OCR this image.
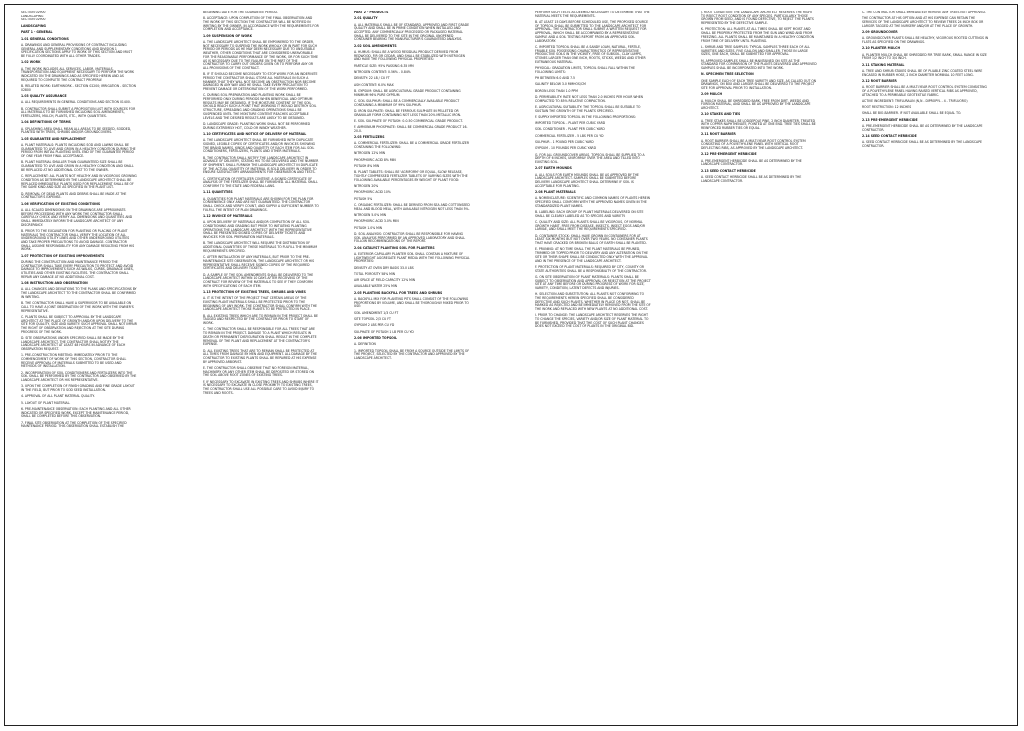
SECTION 02900
LANDSCAPING
SECTION 02900
LANDSCAPING
PART 1 - GENERAL
1.01 GENERAL CONDITIONS
A. DRAWINGS AND GENERAL PROVISIONS OF CONTRACT INCLUDING GENERAL AND SUPPLEMENTARY CONDITIONS AND DIVISION 1 SPECIFICATION SECTIONS APPLY TO WORK OF THIS SECTION AND MUST BE FULLY COORDINATED WITH ALL OTHER TRADES.
1.02 WORK
A. THE WORK INCLUDES ALL SERVICES, LABOR, MATERIALS, TRANSPORTATION AND EQUIPMENT NECESSARY TO PERFORM THE WORK INDICATED ON THE DRAWINGS AND AS SPECIFIED HEREIN AND AS REQUIRED TO COMPLETE THE CONTRACT PROPERLY.
B. RELATED WORK: EARTHWORK - SECTION 02200; IRRIGATION - SECTION 02800
1.03 QUALITY ASSURANCE
A. ALL REQUIREMENTS IN GENERAL CONDITIONS AND SECTION 01400.
B. CONTRACTOR SHALL SUBMIT A PROPOSITION LIST WITH SOURCES FOR ALL MATERIALS TO BE FURNISHED INCLUDING SOIL AMENDMENTS, FERTILIZERS, MULCH, PLANTS, ETC., WITH QUANTITIES.
1.04 DEFINITIONS OF TERMS
A. SPLASHING AREA SHALL MEAN ALL AREAS TO BE SEEDED, SODDED, PLANTED WITH TREES, SHRUBS AND/OR GROUNDCOVERS.
1.05 GUARANTEE AND REPLACEMENT
A. PLANT MATERIALS: PLANTS INCLUDING SOD AND LAWNS SHALL BE GUARANTEED TO LIVE AND GROW IN A HEALTHY CONDITION DURING THE PERIOD FROM INITIAL PLANTING UNTIL END OF THE GUARANTEE PERIOD OF ONE YEAR FROM FINAL ACCEPTANCE.
B. PLANT MATERIAL SMALLER THAN GUARANTEED SIZE SHALL BE GUARANTEED TO LIVE AND GROW IN A HEALTHY CONDITION AND SHALL BE REPLACED AT NO ADDITIONAL COST TO THE OWNER.
C. REPLACEMENT: ALL PLANTS NOT HEALTHY AND IN VIGOROUS GROWING CONDITION AS DETERMINED BY THE LANDSCAPE ARCHITECT SHALL BE REPLACED IMMEDIATELY. PLANTS USED FOR REPLACEMENT SHALL BE OF THE SAME KIND AND SIZE AS SPECIFIED IN THE PLANT LIST.
D. REMOVAL OF DEAD PLANTS AND DEBRIS SHALL BE MADE AT THE CONTRACTOR'S EXPENSE.
1.06 VERIFICATION OF EXISTING CONDITIONS
A. ALL SCALED DIMENSIONS ON THE DRAWINGS ARE APPROXIMATE. BEFORE PROCEEDING WITH ANY WORK THE CONTRACTOR SHALL CAREFULLY CHECK AND VERIFY ALL DIMENSIONS AND QUANTITIES AND SHALL IMMEDIATELY INFORM THE LANDSCAPE ARCHITECT OF ANY DISCREPANCY.
B. PRIOR TO THE EXCAVATION FOR PLANTING OR PLACING OF PLANT MATERIALS THE CONTRACTOR SHALL VERIFY THE LOCATION OF ALL UNDERGROUND UTILITY LINES AND OTHER UNDERGROUND UTILITIES AND TAKE PROPER PRECAUTIONS TO AVOID DAMAGE. CONTRACTOR SHALL ASSUME RESPONSIBILITY FOR ANY DAMAGE RESULTING FROM HIS WORK.
1.07 PROTECTION OF EXISTING IMPROVEMENTS
DURING THE CONSTRUCTION AND MAINTENANCE PERIOD THE CONTRACTOR SHALL TAKE EVERY PRECAUTION TO PROTECT AND AVOID DAMAGE TO IMPROVEMENTS SUCH AS WALKS, CURBS, DRAINAGE LINES, UTILITIES AND OTHER EXISTING FACILITIES. THE CONTRACTOR SHALL REPAIR ANY DAMAGE AT NO ADDITIONAL COST.
1.08 INSTRUCTION AND OBSERVATION
A. ALL CHANGES AND DEVIATIONS TO THE PLANS AND SPECIFICATIONS BY THE LANDSCAPE ARCHITECT TO THE CONTRACTOR SHALL BE CONFIRMED IN WRITING.
B. THE CONTRACTOR SHALL HAVE A SUPERVISOR TO BE AVAILABLE ON CALL TO HAVE A JOINT OBSERVATION OF THE WORK WITH THE OWNER'S REPRESENTATIVE.
C. PLANTS SHALL BE SUBJECT TO APPROVAL BY THE LANDSCAPE ARCHITECT AT THE PLACE OF GROWTH AND/OR UPON DELIVERY TO THE SITE FOR QUALITY, SIZE AND VARIETY. SUCH APPROVAL SHALL NOT IMPAIR THE RIGHT OF OBSERVATION AND REJECTION AT THE SITE DURING PROGRESS OF THE WORK.
D. SITE OBSERVATIONS UNDER SPECIFIED SHALL BE MADE BY THE LANDSCAPE ARCHITECT. THE CONTRACTOR SHALL NOTIFY THE LANDSCAPE ARCHITECT AT LEAST 48 HOURS IN ADVANCE OF EACH OBSERVATION REQUEST.
1. PRE-CONSTRUCTION MEETING: IMMEDIATELY PRIOR TO THE COMMENCEMENT OF WORK OF THIS SECTION, CONTRACTOR SHALL RECEIVE APPROVAL OF MATERIALS SUBMITTED TO BE USED AND METHODS OF INSTALLATION.
2. INCORPORATION OF SOIL CONDITIONERS AND FERTILIZERS INTO THE SOIL SHALL BE PERFORMED BY THE CONTRACTOR AND OBSERVED BY THE LANDSCAPE ARCHITECT OR HIS REPRESENTATIVE.
3. UPON THE COMPLETION OF FINISH GRADING AND FINE GRADE LAYOUT IN THE FIELD, BUT PRIOR TO SOD SEED INSTALLATION.
4. APPROVAL OF ALL PLANT MATERIAL QUALITY.
5. LAYOUT OF PLANT MATERIAL.
6. PRE-MAINTENANCE OBSERVATION: EACH PLANTING AND ALL OTHER INDICATED OR SPECIFIED WORK, EXCEPT THE MAINTENANCE PERIOD, SHALL BE COMPLETED BEFORE THIS OBSERVATION.
7. FINAL SITE OBSERVATION AT THE COMPLETION OF THE SPECIFIED MAINTENANCE PERIOD. THIS OBSERVATION SHALL ESTABLISH THE
BEGINNING DATE FOR THE GUARANTEE PERIOD.
8. ACCEPTANCE: UPON COMPLETION OF THE FINAL OBSERVATION AND THE WORK OF THIS SECTION THE CONTRACTOR WILL BE NOTIFIED IN WRITING BY THE OWNER, IN ACCORDANCE WITH THE REQUIREMENTS FOR COMPLETION AND ACCEPTANCE.
1.09 SUSPENSION OF WORK
A. THE LANDSCAPE ARCHITECT SHALL BE EMPOWERED TO THE ORDER, NOT NECESSARY TO SUSPEND THE WORK WHOLLY OR IN PART FOR SUCH PERIOD OR PERIODS AS HE MAY DEEM NECESSARY DUE TO UNSUITABLE WEATHER, OTHER CONDITIONS THAT ARE CONSIDERED UNFAVORABLE FOR THE REASONABLE PERFORMANCE OF THE WORK, OR FOR SUCH TIME AS IS NECESSARY DUE TO THE FAILURE ON THE PART OF THE CONTRACTOR TO CARRY OUT ORDERS GIVEN OR TO PERFORM ANY OR ALL PROVISIONS OF THE CONTRACT.
B. IF IT SHOULD BECOME NECESSARY TO STOP WORK FOR AN INDEFINITE PERIOD THE CONTRACTOR SHALL STORE ALL MATERIALS IN SUCH A MANNER THAT THEY WILL NOT BECOME AN OBSTRUCTION NOR BECOME DAMAGED IN ANY WAY AND HE SHALL TAKE EVERY PRECAUTION TO PREVENT DAMAGE OR DETERIORATION OF THE WORK PERFORMED.
C. DURING SOIL PREPARATION AND PLANTING WORK SHALL BE PERFORMED ONLY DURING PERIODS WHEN BENEFICIAL AND OPTIMUM RESULTS MAY BE OBTAINED. IF THE MOISTURE CONTENT OF THE SOIL SHOULD REACH SUCH A POINT THAT WORKING IT WOULD DESTROY SOIL STRUCTURE, SPREADING AND GRADING OPERATIONS SHALL BE SUSPENDED UNTIL THE MOISTURE CONTENT REACHES ACCEPTABLE LEVELS AND THE DESIRED RESULTS ARE LIKELY TO BE OBTAINED.
D. LANDSCAPE GRADE: PLANTING WORK SHALL NOT BE PERFORMED DURING EXTREMELY HOT, COLD OR WINDY WEATHER.
1.10 CERTIFICATES AND NOTICE OF DELIVERY OF MATERIAL
A. THE LANDSCAPE ARCHITECT SHALL BE FURNISHED WITH DUPLICATE SIGNED, LEGIBLE COPIES OF CERTIFICATES AND/OR INVOICES SHOWING THE BRAND NAMES, KINDS AND QUANTITY OF EACH ITEM FOR ALL SOIL CONDITIONERS, FERTILIZERS, PLANTS AND OTHER MATERIALS.
B. THE CONTRACTOR SHALL NOTIFY THE LANDSCAPE ARCHITECT IN ADVANCE OF DELIVERY, STATING HIS TO BE DELIVERED AND THE NUMBER OF SHIPMENT. SHALL FURNISH THE LANDSCAPE ARCHITECT IN DUPLICATE OF THE ACTUAL QUANTITY OF MATERIAL IS SOLD DELIVERY IN ORDER TO ENSURE SATISFACTORY ARRANGEMENTS FOR OBSERVATION AND TESTS.
C. CERTIFICATION OF FERTILIZER CONTENT: A SIGNED CERTIFICATE OF ANALYSIS OF THE FERTILIZER SHALL BE FURNISHED. ALL MATERIAL SHALL CONFORM TO THE STATE AND FEDERAL LAWS.
1.11 QUANTITIES
A. QUANTITIES FOR PLANT MATERIALS ARE SHOWN FOR THE PLAN FOR CONVENIENCE ONLY AND ARE NOT GUARANTEED. THE CONTRACTOR SHALL CHECK AND VERIFY COUNT, AND SUPPLY A SUFFICIENT NUMBER TO FULFILL THE INTENT OF PLAN DRAWINGS.
1.12 INVOICE OF MATERIALS
A. UPON DELIVERY OF MATERIALS AND/OR COMPLETION OF ALL SOIL CONDITIONING AND GRADING BUT PRIOR TO INITIATING PLANTING OPERATIONS THE LANDSCAPE ARCHITECT WITH THE REPRESENTATIVE SHALL BE PRESENTED SIGNED COPIES OF DELIVERY TICKETS AND INVOICES FOR SOIL PREPARATION MATERIALS.
B. THE LANDSCAPE ARCHITECT WILL REQUIRE THE DISTRIBUTION OF ADDITIONAL QUANTITIES OF THESE MATERIALS TO FULFILL THE MINIMUM REQUIREMENTS SPECIFIED.
C. AFTER INSTALLATION OF ANY MATERIALS, BUT PRIOR TO THE PRE-MAINTENANCE SITE OBSERVATION, THE LANDSCAPE ARCHITECT OR HIS REPRESENTATIVE SHALL RECEIVE SIGNED COPIES OF THE REQUIRED CERTIFICATES AND DELIVERY TICKETS.
D. A SAMPLE OF THE SOIL AMENDMENTS SHALL BE DELIVERED TO THE LANDSCAPE ARCHITECT WITHIN 10 DAYS AFTER RECEIVING OF THE CONTRACT FOR REVIEW OF THE MATERIALS TO SEE IF THEY CONFORM WITH SPECIFICATIONS OF EACH ITEM.
1.13 PROTECTION OF EXISTING TREES, SHRUBS AND VINES
A. IT IS THE INTENT OF THE PROJECT THAT CERTAIN AREAS OF THE EXISTING PLANT MATERIALS SHALL BE PROTECTED PRIOR TO THE BEGINNING OF ANY WORK. THE CONTRACTOR SHALL CONFIRM WITH THE LANDSCAPE ARCHITECT THOSE PLANTS TO BE PROTECTED IN PLACE.
B. ALL EXISTING TREES WHICH ARE TO REMAIN IN THE PROJECT SHALL BE TAGGED AND RESPECTED BY THE CONTRACTOR PRIOR TO START OF WORK.
C. THE CONTRACTOR SHALL BE RESPONSIBLE FOR ALL TREES THAT ARE TO REMAIN IN THE PROJECT. DAMAGE TO A PLANT WHICH RESULTS IN DEATH OR PERMANENT DISFIGURATION SHALL RESULT IN THE COMPLETE REMOVAL OF THE PLANT AND REPLACEMENT AT THE CONTRACTOR'S EXPENSE.
D. ALL EXISTING TREES THAT ARE TO REMAIN SHALL BE PROTECTED AT ALL TIMES FROM DAMAGE BY MEN AND EQUIPMENT. ALL DAMAGE BY THE CONTRACTOR TO EXISTING PLANTS SHALL BE REPAIRED AT HIS EXPENSE BY APPROVED ARBORIST.
E. THE CONTRACTOR SHALL OBSERVE THAT NO FOREIGN MATERIAL, MACHINERY OR ANY OTHER ITEM SHALL BE DEPOSITED OR STORED ON THE SOIL ABOVE ROOT ZONES OF EXISTING TREES.
F. IF NECESSARY TO EXCAVATE IN EXISTING TREES AND SHRUBS WHERE IT IS NECESSARY TO EXCAVATE IN CLOSE PROXIMITY TO EXISTING TREES, THE CONTRACTOR SHALL USE ALL POSSIBLE CARE TO AVOID INJURY TO TREES AND ROOTS.
PART 2 - PRODUCTS
2.01 QUALITY
A. ALL MATERIALS SHALL BE OF STANDARD, APPROVED AND FIRST GRADE QUALITY AND SHALL BE IN PRIME CONDITION WHEN INSTALLED AND ACCEPTED. ANY COMMERCIALLY PROCESSED OR PACKAGED MATERIAL SHALL BE DELIVERED TO THE SITE IN THE ORIGINAL UNOPENED CONTAINER BEARING THE MANUFACTURER'S GUARANTEED ANALYSIS.
2.02 SOIL AMENDMENTS
A. HUMUS: SHALL BE A WOOD RESIDUAL PRODUCT DERIVED FROM REDWOOD, FIR OR CEDAR, AND SHALL BE STABILIZED WITH NITROGEN AND HAVE THE FOLLOWING PHYSICAL PROPERTIES:
PARTICLE SIZE: 95% PASSING 6.35 MM
NITROGEN CONTENT: 0.56% - 0.84%
DENSITY: 22 LB / CU FT
ASH CONTENT: 6.0% MAX
B. GYPSUM: SHALL BE AGRICULTURAL GRADE PRODUCT CONTAINING MINIMUM 96% PURE GYPSUM.
C. SOIL SULPHUR: SHALL BE A COMMERCIALLY AVAILABLE PRODUCT CONTAINING A MINIMUM OF 99% SULPHUR.
D. IRON SULPHATE: SHALL BE FERROUS SULPHATE IN PELLETED OR GRANULAR FORM CONTAINING NOT LESS THAN 20% METALLIC IRON.
E. SOIL SULPHATE OF POTASH: 0-0-50 COMMERCIAL GRADE PRODUCT.
F. AMMONIUM PHOSPHATE: SHALL BE COMMERCIAL GRADE PRODUCT 16-20-0.
2.03 FERTILIZERS
A. COMMERCIAL FERTILIZER: SHALL BE A COMMERCIAL GRADE FERTILIZER CONTAINING THE FOLLOWING:
NITROGEN 12% MIN
PHOSPHORIC ACID 8% MIN
POTASH 8% MIN
B. PLANT TABLETS: SHALL BE 'AGRIFORM' OR EQUAL, SLOW RELEASE, TIGHTLY COMPRESSED FERTILIZER TABLETS OF VARYING SIZES WITH THE FOLLOWING AVAILABLE PERCENTAGES BY WEIGHT OF PLANT FOOD:
NITROGEN 20%
PHOSPHORIC ACID 10%
POTASH 5%
C. ORGANIC FERTILIZER: SHALL BE DERIVED FROM SEA AND COTTONSEED MEAL AND BLOOD MEAL, WITH AVAILABLE NITROGEN NOT LESS THAN 5%.
NITROGEN 5.0% MIN
PHOSPHORIC ACID 3.0% MIN
POTASH 1.0% MIN
D. SOIL ANALYSIS: CONTRACTOR SHALL BE RESPONSIBLE FOR HAVING SOIL ANALYSIS PERFORMED BY AN APPROVED LABORATORY AND SHALL FOLLOW RECOMMENDATIONS OF THE REPORT.
2.04 CATALYST PLANTING SOIL FOR PLANTERS
A. EXTERIOR CAPILLARY PLANTER SOIL SHALL CONTAIN A MIXTURE OF LIGHTWEIGHT AGGREGATE PLANT MEDIA WITH THE FOLLOWING PHYSICAL PROPERTIES:
DENSITY AT OVEN DRY BASIS 33.0 LBS
TOTAL POROSITY 58% MIN
AIR SPACE AT FIELD CAPACITY 12% MIN
AVAILABLE WATER 25% MIN
2.05 PLANTING BACKFILL FOR TREES AND SHRUBS
A. BACKFILL MIX FOR PLANTING PITS SHALL CONSIST OF THE FOLLOWING PROPORTIONS BY VOLUME, AND SHALL BE THOROUGHLY MIXED PRIOR TO USE:
SOIL AMENDMENT 1/3 CU FT
SITE TOPSOIL 2/3 CU FT
GYPSUM 2 LBS PER CU YD
SULPHATE OF POTASH 1 LB PER CU YD
2.06 IMPORTED TOPSOIL
A. DEFINITION
1. IMPORTED TOPSOIL SHALL BE FROM A SOURCE OUTSIDE THE LIMITS OF THE PROJECT, SELECTED BY THE CONTRACTOR AND APPROVED BY THE LANDSCAPE ARCHITECT.
PERFORM SUCH TESTS AS DEEMED NECESSARY TO DETERMINE THAT THE MATERIAL MEETS THE REQUIREMENTS.
B. AT LEAST 15 DAYS BEFORE SCHEDULED USE, THE PROPOSED SOURCE OF TOPSOIL SHALL BE SUBMITTED TO THE LANDSCAPE ARCHITECT FOR APPROVAL. THE CONTRACTOR SHALL SUBMIT A WRITTEN REQUEST FOR APPROVAL, WHICH SHALL BE ACCOMPANIED BY A REPRESENTATIVE SAMPLE AND A SOIL TESTING REPORT FROM AN APPROVED SOIL LABORATORY.
C. IMPORTED TOPSOIL SHALL BE A SANDY LOAM, NATURAL, FERTILE, FRIABLE SOIL POSSESSING CHARACTERISTICS OF REPRESENTATIVE PRODUCTIVE SOILS IN THE VICINITY, FREE OF SUBSOIL, CLAY LUMPS, STONES LARGER THAN ONE INCH, ROOTS, STICKS, WEEDS AND OTHER EXTRANEOUS MATERIAL.
PHYSICAL: GRADATION LIMITS, TOPSOIL SHALL FALL WITHIN THE FOLLOWING LIMITS:
PH BETWEEN 6.0 AND 7.5
SALINITY BELOW 3.0 MMHOS/CM
BORON LESS THAN 1.0 PPM
D. PERMEABILITY: RATE NOT LESS THAN 2.0 INCHES PER HOUR WHEN COMPACTED TO 85% RELATIVE COMPACTION.
E. AGRICULTURAL SUITABILITY: THE TOPSOIL SHALL BE SUITABLE TO SUSTAIN THE GROWTH OF THE PLANTS SPECIFIED.
F. SUPPLY IMPORTED TOPSOIL IN THE FOLLOWING PROPORTIONS:
IMPORTED TOPSOIL - PLANT PER CUBIC YARD
SOIL CONDITIONER - PLANT PER CUBIC YARD
COMMERCIAL FERTILIZER - 5 LBS PER CU YD
SULPHUR - 1 POUND PER CUBIC YARD
GYPSUM - 10 POUNDS PER CUBIC YARD
G. FOR ALL GROUNDCOVER AREAS, TOPSOIL SHALL BE SUPPLIED TO A DEPTH OF 6 INCHES, UNIFORMLY OVER THE AREA AND TILLED INTO EXISTING SOIL.
2.07 EARTH MOUNDS
A. ALL SOILS FOR EARTH MOUNDS SHALL BE AS APPROVED BY THE LANDSCAPE ARCHITECT. SAMPLES SHALL BE SUBMITTED BEFORE DELIVERY. LANDSCAPE ARCHITECT SHALL DETERMINE IF SOIL IS ACCEPTABLE FOR PLANTING.
2.08 PLANT MATERIALS
A. NOMENCLATURE: SCIENTIFIC AND COMMON NAMES OF PLANTS HEREIN SPECIFIED SHALL CONFORM WITH THE APPROVED NAMES GIVEN IN THE STANDARDIZED PLANT NAMES.
B. LABELING: EACH GROUP OF PLANT MATERIALS DELIVERED ON SITE SHALL BE CLEARLY LABELED AS TO SPECIES AND VARIETY.
C. QUALITY AND SIZE: ALL PLANTS SHALL BE VIGOROUS, OF NORMAL GROWTH HABIT, FREE FROM DISEASE, INSECTS, INSECT EGGS AND/OR LARVAE, AND SHALL MEET THE REQUIREMENTS SPECIFIED.
D. CONTAINER STOCK: SHALL HAVE GROWN IN CONTAINERS FOR AT LEAST SIX MONTHS BUT NOT OVER TWO YEARS. NO CONTAINER PLANTS THAT HAVE CRACKED OR BROKEN BALLS OF EARTH SHALL BE PLANTED.
E. PRUNING: AT NO TIME SHALL THE PLANT MATERIALS BE PRUNED, TRIMMED OR TOPPED PRIOR TO DELIVERY AND ANY ALTERATION ON THE SITE OR THEIR SHAPE SHALL BE CONDUCTED ONLY WITH THE APPROVAL AND IN THE PRESENCE OF THE LANDSCAPE ARCHITECT.
F. PROTECTION OF PLANT MATERIALS: REQUIRED BY CITY, COUNTY OR STATE AUTHORITIES SHALL BE A RESPONSIBILITY OF THE CONTRACTOR.
G. ON SITE OBSERVATION OF PLANT MATERIALS: PLANTS SHALL BE SUBJECT TO OBSERVATION AND APPROVAL OR REJECTION AT THE PROJECT SITE AT ANY TIME BEFORE OR DURING PROGRESS OF WORK FOR SIZE, VARIETY, CONDITION, LATENT DEFECTS AND INJURIES.
H. SELECTION AND SUBSTITUTION: ALL PLANTS NOT CONFORMING TO THE REQUIREMENTS HEREIN SPECIFIED SHALL BE CONSIDERED DEFECTIVE AND SUCH PLANTS, WHETHER IN PLACE OR NOT, SHALL BE MARKED AS REJECTED AND BE IMMEDIATELY REMOVED FROM THE SITE OF THE WORK AND REPLACED WITH NEW PLANTS AT NO ADDITIONAL COST.
I. PRIOR TO CHANGE: THE LANDSCAPE ARCHITECT RESERVES THE RIGHT TO CHANGE THE SPECIES, VARIETY AND/OR SIZE OF PLANT MATERIAL TO BE FURNISHED, PROVIDED THAT THE COST OF SUCH PLANT CHANGES DOES NOT EXCEED THE COST OF PLANTS IN THE ORIGINAL BID.
J. ROOT CONDITION: THE LANDSCAPE ARCHITECT RESERVES THE RIGHT TO REJECT ROOT CONDITION OF ANY SPECIES, PARTICULARLY THOSE GROWN FROM SEED, AND IS FOUND DEFECTIVE, TO REJECT THE PLANTS REPRESENTED BY THE DEFECTIVE SAMPLE.
K. PROTECTION: ALL PLANTS AT ALL TIMES SHALL BE KEPT MOIST AND SHALL BE PROPERLY PROTECTED FROM THE SUN AND WIND AND FROM FREEZING. ALL PLANTS SHALL BE MAINTAINED IN A HEALTHY CONDITION FROM TIME OF DELIVERY UNTIL PLANTING.
L. SHRUB AND TREE SAMPLES: TYPICAL SAMPLES THREE EACH OF ALL VARIETIES AND SIZES, FIVE GALLON AND SMALLER, THOSE IN LARGE SIZES, ONE EACH, SHALL BE SUBMITTED FOR APPROVAL.
M. APPROVED SAMPLES SHALL BE MAINTAINED ON SITE AS THE STANDARD FOR COMPARISON OF THE PLANTS DELIVERED AND APPROVED SAMPLES SHALL BE INCORPORATED INTO THE WORK.
N. SPECIMEN TREE SELECTION
ONE SAMPLE EACH OF EACH TREE VARIETY AND SIZE, AS CALLED OUT ON DRAWINGS, ON BOX AND LARGER SHALL BE DELIVERED TO THE PROJECT SITE FOR APPROVAL PRIOR TO INSTALLATION.
2.09 MULCH
A. MULCH SHALL BE SHREDDED BARK, FREE FROM DIRT, WEEDS AND FOREIGN MATERIAL, AND SHALL BE AS APPROVED BY THE LANDSCAPE ARCHITECT.
2.10 STAKES AND TIES
A. TREE STAKES SHALL BE LODGEPOLE PINE, 2 INCH DIAMETER, TREATED WITH COPPER NAPHTHENATE, POINTED AT ONE END. TREE TIES SHALL BE REINFORCED RUBBER TIES OR EQUAL.
2.11 ROOT BARRIER
A. ROOT BARRIER SHALL BE A MULTI-YEAR ROOT CONTROL SYSTEM CONSISTING OF A POLYETHYLENE PANEL WITH VERTICAL ROOT DEFLECTING RIBS, AS APPROVED BY THE LANDSCAPE ARCHITECT.
2.12 PRE-EMERGENT HERBICIDE
A. PRE-EMERGENT HERBICIDE SHALL BE AS DETERMINED BY THE LANDSCAPE CONTRACTOR.
2.13 SEED CONTACT HERBICIDE
A. SEED CONTACT HERBICIDE SHALL BE AS DETERMINED BY THE LANDSCAPE CONTRACTOR.
C. THE CONTRACTOR SHALL IMMEDIATELY REMOVE ANY TREES NOT APPROVED.
THE CONTRACTOR AT HIS OPTION AND AT HIS EXPENSE CAN RETAIN THE SERVICES OF THE LANDSCAPE ARCHITECT TO REVIEW TREES 24 INCH BOX OR LARGER TAGGED AT THE NURSERY AND/OR AT THE PLACE OF GROWTH.
2.09 GROUNDCOVER
A. GROUNDCOVER PLANTS SHALL BE HEALTHY, VIGOROUS ROOTED CUTTINGS IN FLATS AS SPECIFIED ON THE DRAWINGS.
2.10 PLANTER MULCH
A. PLANTER MULCH SHALL BE SHREDDED FIR TREE BARK, SMALL RANGE IN SIZE FROM 1/2 INCH TO 3/4 INCH.
2.11 STAKING MATERIAL
A. TREE AND SHRUB STAKES SHALL BE OF PLIABLE ZINC COATED STEEL WIRE ENCASED IN RUBBER HOSE, 2 INCH DIAMETER NOMINAL 10 FEET LONG.
2.12 ROOT BARRIER
A. ROOT BARRIER SHALL BE A MULTI-YEAR ROOT CONTROL SYSTEM CONSISTING OF A POLYETHYLENE PANEL HAVING RAISED VERTICAL RIBS AS APPROVED, ATTACHED TO A PERMEABLE GEOTEXTILE FABRIC.
ACTIVE INGREDIENT: TRIFLURALIN (N,N - DIPROPYL - 4 - TRIFLUORO)
ROOT RESTRICTION: 12 INCHES
SHALL BE BIO-BARRIER. IF NOT AVAILABLE SHALL BE EQUAL TO.
2.13 PRE-EMERGENT HERBICIDE
A. PRE-EMERGENT HERBICIDE SHALL BE AS DETERMINED BY THE LANDSCAPE CONTRACTOR.
2.14 SEED CONTACT HERBICIDE
A. SEED CONTACT HERBICIDE SHALL BE AS DETERMINED BY THE LANDSCAPE CONTRACTOR.
